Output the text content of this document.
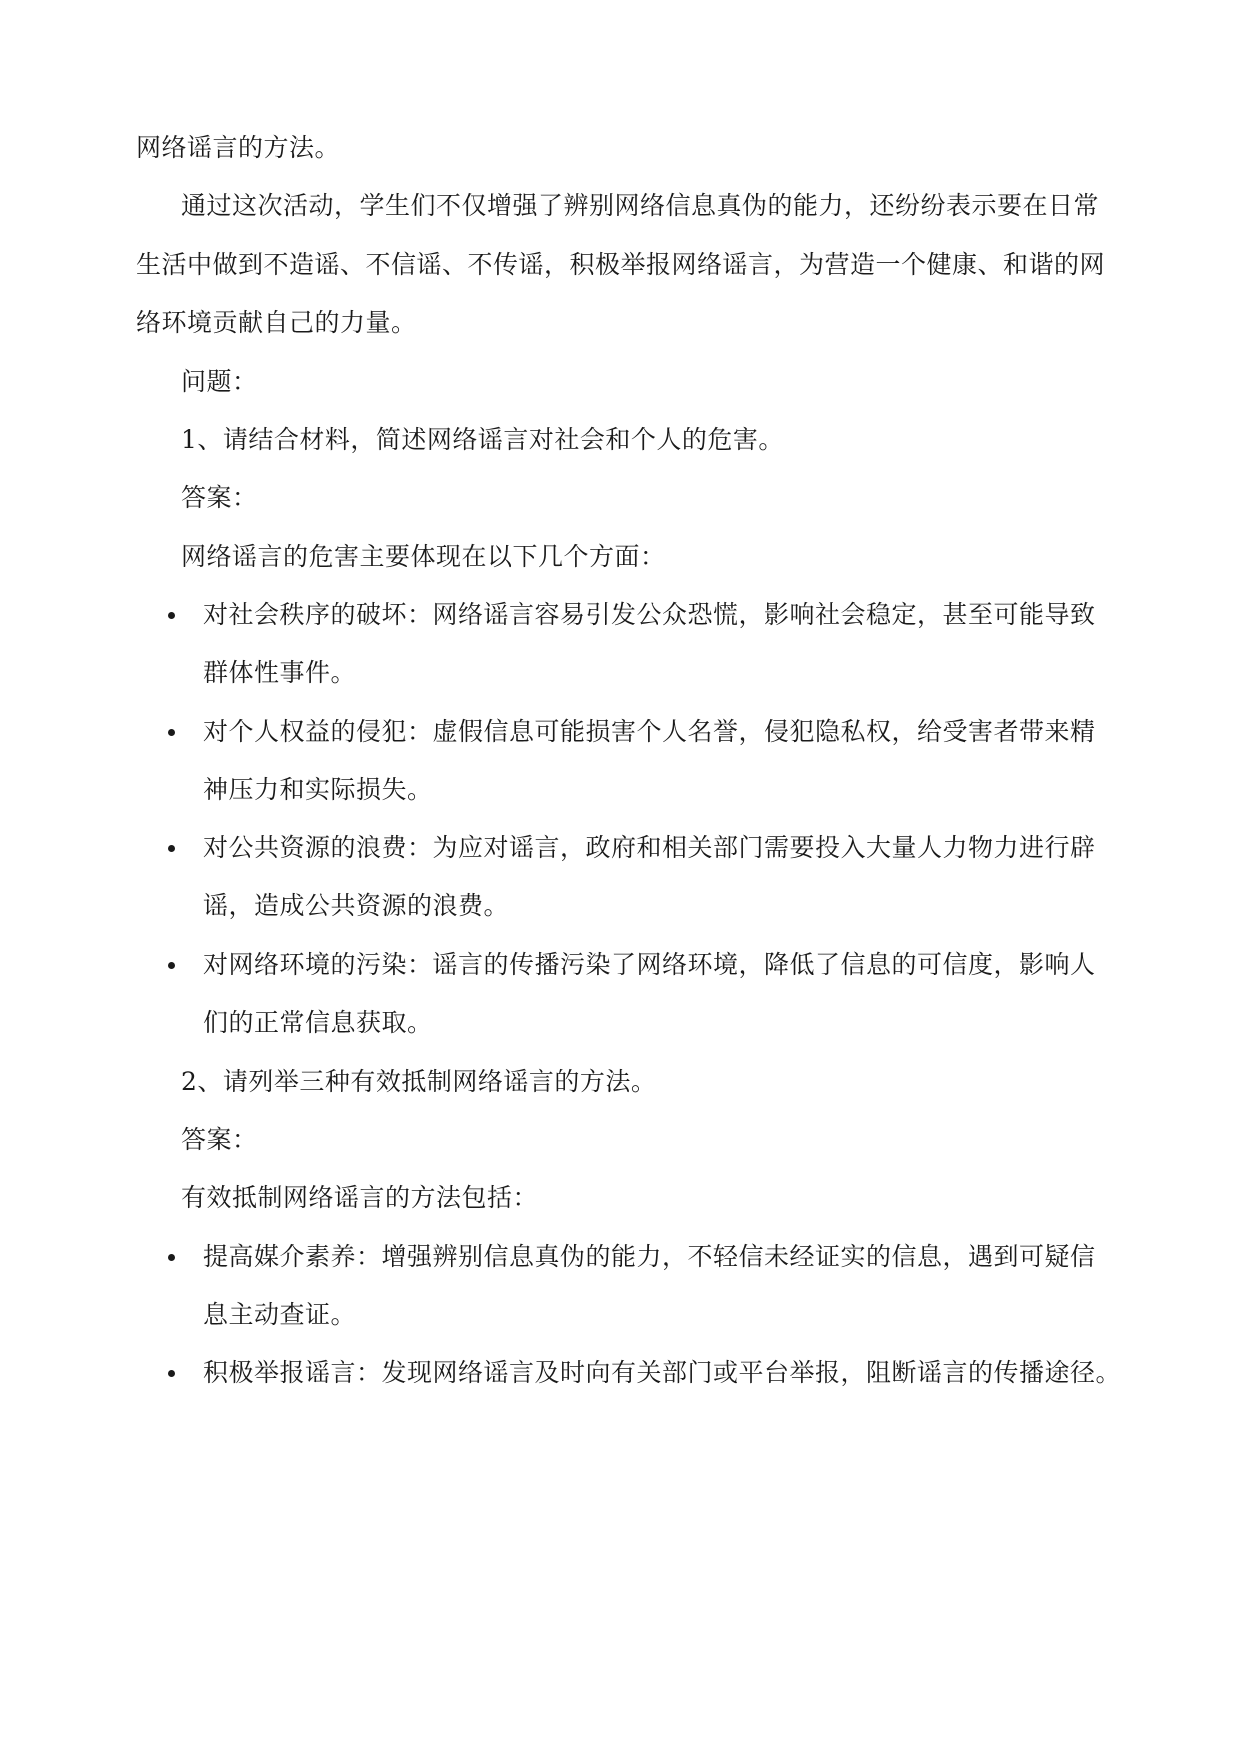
网络谣言的方法。
通过这次活动，学生们不仅增强了辨别网络信息真伪的能力，还纷纷表示要在日常
生活中做到不造谣、不信谣、不传谣，积极举报网络谣言，为营造一个健康、和谐的网
络环境贡献自己的力量。
问题：
1、请结合材料，简述网络谣言对社会和个人的危害。
答案：
网络谣言的危害主要体现在以下几个方面：
对社会秩序的破坏：网络谣言容易引发公众恐慌，影响社会稳定，甚至可能导致
群体性事件。
对个人权益的侵犯：虚假信息可能损害个人名誉，侵犯隐私权，给受害者带来精
神压力和实际损失。
对公共资源的浪费：为应对谣言，政府和相关部门需要投入大量人力物力进行辟
谣，造成公共资源的浪费。
对网络环境的污染：谣言的传播污染了网络环境，降低了信息的可信度，影响人
们的正常信息获取。
2、请列举三种有效抵制网络谣言的方法。
答案：
有效抵制网络谣言的方法包括：
提高媒介素养：增强辨别信息真伪的能力，不轻信未经证实的信息，遇到可疑信
息主动查证。
积极举报谣言：发现网络谣言及时向有关部门或平台举报，阻断谣言的传播途径。
